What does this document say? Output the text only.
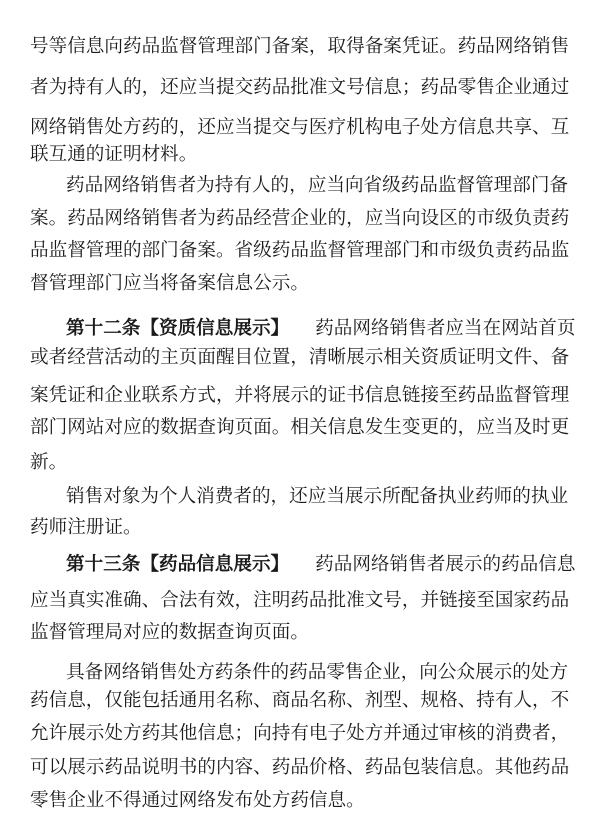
号等信息向药品监督管理部门备案，取得备案凭证。药品网络销售
者为持有人的，还应当提交药品批准文号信息；药品零售企业通过
网络销售处方药的，还应当提交与医疗机构电子处方信息共享、互
联互通的证明材料。
药品网络销售者为持有人的，应当向省级药品监督管理部门备
案。药品网络销售者为药品经营企业的，应当向设区的市级负责药
品监督管理的部门备案。省级药品监督管理部门和市级负责药品监
督管理部门应当将备案信息公示。
第十二条【资质信息展示】 药品网络销售者应当在网站首页
或者经营活动的主页面醒目位置，清晰展示相关资质证明文件、备
案凭证和企业联系方式，并将展示的证书信息链接至药品监督管理
部门网站对应的数据查询页面。相关信息发生变更的，应当及时更
新。
销售对象为个人消费者的，还应当展示所配备执业药师的执业
药师注册证。
第十三条【药品信息展示】 药品网络销售者展示的药品信息
应当真实准确、合法有效，注明药品批准文号，并链接至国家药品
监督管理局对应的数据查询页面。
具备网络销售处方药条件的药品零售企业，向公众展示的处方
药信息，仅能包括通用名称、商品名称、剂型、规格、持有人，不
允许展示处方药其他信息；向持有电子处方并通过审核的消费者，
可以展示药品说明书的内容、药品价格、药品包装信息。其他药品
零售企业不得通过网络发布处方药信息。
